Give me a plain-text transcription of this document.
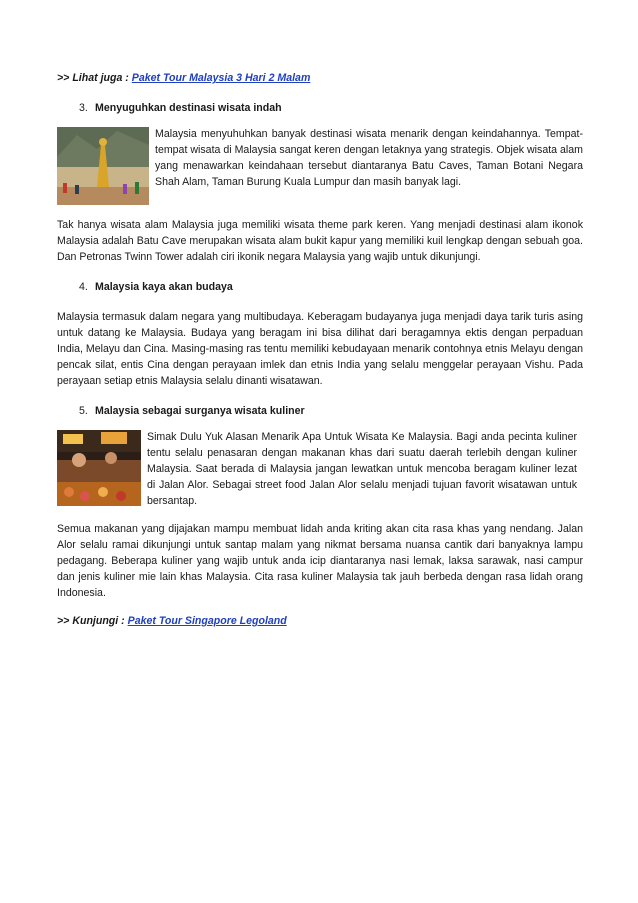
>> Lihat juga : Paket Tour Malaysia 3 Hari 2 Malam

3. Menyuguhkan destinasi wisata indah

Malaysia menyuhuhkan banyak destinasi wisata menarik dengan keindahannya. Tempat-tempat wisata di Malaysia sangat keren dengan letaknya yang strategis. Objek wisata alam yang menawarkan keindahaan tersebut diantaranya Batu Caves, Taman Botani Negara Shah Alam, Taman Burung Kuala Lumpur dan masih banyak lagi.

Tak hanya wisata alam Malaysia juga memiliki wisata theme park keren. Yang menjadi destinasi alam ikonok Malaysia adalah Batu Cave merupakan wisata alam bukit kapur yang memiliki kuil lengkap dengan sebuah goa. Dan Petronas Twinn Tower adalah ciri ikonik negara Malaysia yang wajib untuk dikunjungi.

4. Malaysia kaya akan budaya

Malaysia termasuk dalam negara yang multibudaya. Keberagam budayanya juga menjadi daya tarik turis asing untuk datang ke Malaysia. Budaya yang beragam ini bisa dilihat dari beragamnya ektis dengan perpaduan India, Melayu dan Cina. Masing-masing ras tentu memiliki kebudayaan menarik contohnya etnis Melayu dengan pencak silat, entis Cina dengan perayaan imlek dan etnis India yang selalu menggelar perayaan Vishu. Pada perayaan setiap etnis Malaysia selalu dinanti wisatawan.

5. Malaysia sebagai surganya wisata kuliner

Simak Dulu Yuk Alasan Menarik Apa Untuk Wisata Ke Malaysia. Bagi anda pecinta kuliner tentu selalu penasaran dengan makanan khas dari suatu daerah terlebih dengan kuliner Malaysia. Saat berada di Malaysia jangan lewatkan untuk mencoba beragam kuliner lezat di Jalan Alor. Sebagai street food Jalan Alor selalu menjadi tujuan favorit wisatawan untuk bersantap.

Semua makanan yang dijajakan mampu membuat lidah anda kriting akan cita rasa khas yang nendang. Jalan Alor selalu ramai dikunjungi untuk santap malam yang nikmat bersama nuansa cantik dari banyaknya lampu pedagang. Beberapa kuliner yang wajib untuk anda icip diantaranya nasi lemak, laksa sarawak, nasi campur dan jenis kuliner mie lain khas Malaysia. Cita rasa kuliner Malaysia tak jauh berbeda dengan rasa lidah orang Indonesia.

>> Kunjungi : Paket Tour Singapore Legoland
